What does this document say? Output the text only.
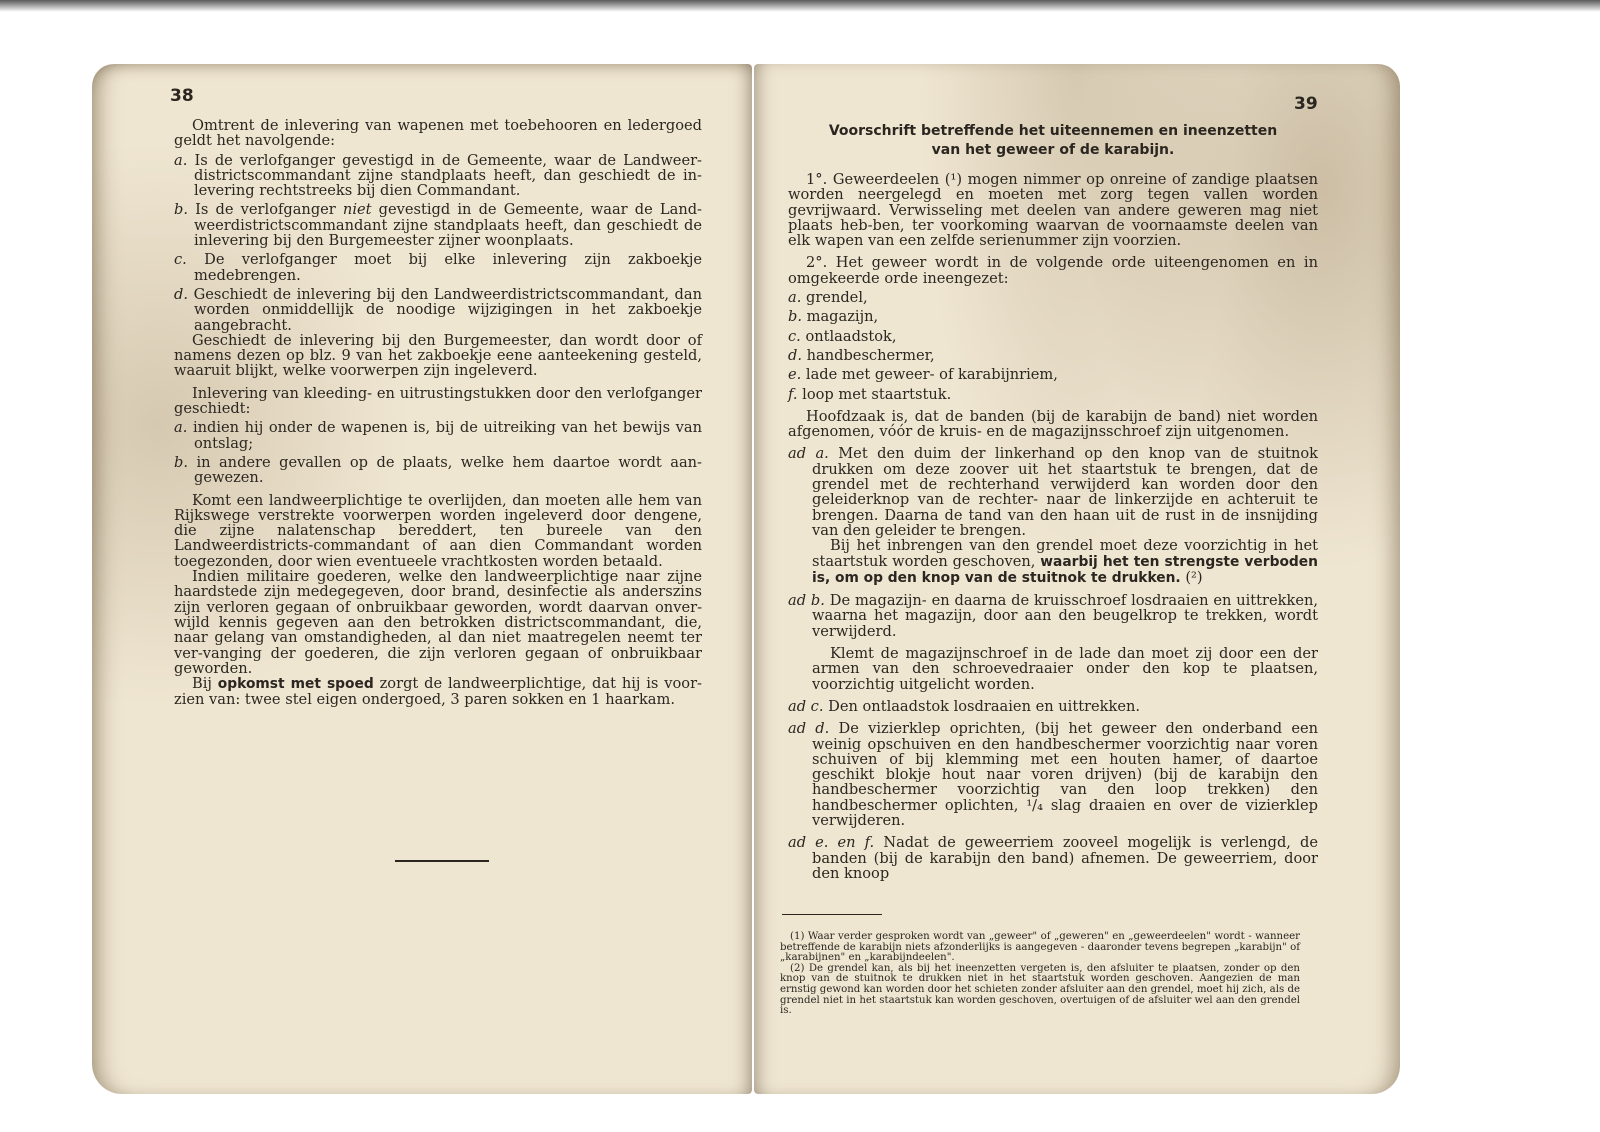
38

Omtrent de inlevering van wapenen met toebehooren en ledergoed geldt het navolgende:

a. Is de verlofganger gevestigd in de Gemeente, waar de Landweer-districtscommandant zijne standplaats heeft, dan geschiedt de in-levering rechtstreeks bij dien Commandant.

b. Is de verlofganger niet gevestigd in de Gemeente, waar de Land-weerdistrictscommandant zijne standplaats heeft, dan geschiedt de inlevering bij den Burgemeester zijner woonplaats.

c. De verlofganger moet bij elke inlevering zijn zakboekje medebrengen.

d. Geschiedt de inlevering bij den Landweerdistrictscommandant, dan worden onmiddellijk de noodige wijzigingen in het zakboekje aangebracht.

Geschiedt de inlevering bij den Burgemeester, dan wordt door of namens dezen op blz. 9 van het zakboekje eene aanteekening gesteld, waaruit blijkt, welke voorwerpen zijn ingeleverd.

Inlevering van kleeding- en uitrustingstukken door den verlofganger geschiedt:

a. indien hij onder de wapenen is, bij de uitreiking van het bewijs van ontslag;

b. in andere gevallen op de plaats, welke hem daartoe wordt aan-gewezen.

Komt een landweerplichtige te overlijden, dan moeten alle hem van Rijkswege verstrekte voorwerpen worden ingeleverd door dengene, die zijne nalatenschap bereddert, ten bureele van den Landweerdistricts-commandant of aan dien Commandant worden toegezonden, door wien eventueele vrachtkosten worden betaald.

Indien militaire goederen, welke den landweerplichtige naar zijne haardstede zijn medegegeven, door brand, desinfectie als anderszins zijn verloren gegaan of onbruikbaar geworden, wordt daarvan onver-wijld kennis gegeven aan den betrokken districtscommandant, die, naar gelang van omstandigheden, al dan niet maatregelen neemt ter ver-vanging der goederen, die zijn verloren gegaan of onbruikbaar geworden.

Bij opkomst met spoed zorgt de landweerplichtige, dat hij is voor-zien van: twee stel eigen ondergoed, 3 paren sokken en 1 haarkam.

39

Voorschrift betreffende het uiteennemen en ineenzetten

van het geweer of de karabijn.

1°. Geweerdeelen (¹) mogen nimmer op onreine of zandige plaatsen worden neergelegd en moeten met zorg tegen vallen worden gevrijwaard. Verwisseling met deelen van andere geweren mag niet plaats heb-ben, ter voorkoming waarvan de voornaamste deelen van elk wapen van een zelfde serienummer zijn voorzien.

2°. Het geweer wordt in de volgende orde uiteengenomen en in omgekeerde orde ineengezet:

a. grendel,

b. magazijn,

c. ontlaadstok,

d. handbeschermer,

e. lade met geweer- of karabijnriem,

f. loop met staartstuk.

Hoofdzaak is, dat de banden (bij de karabijn de band) niet worden afgenomen, vóór de kruis- en de magazijnsschroef zijn uitgenomen.

ad a. Met den duim der linkerhand op den knop van de stuitnok drukken om deze zoover uit het staartstuk te brengen, dat de grendel met de rechterhand verwijderd kan worden door den geleiderknop van de rechter- naar de linkerzijde en achteruit te brengen. Daarna de tand van den haan uit de rust in de insnijding van den geleider te brengen.

Bij het inbrengen van den grendel moet deze voorzichtig in het staartstuk worden geschoven, waarbij het ten strengste verboden is, om op den knop van de stuitnok te drukken. (²)

ad b. De magazijn- en daarna de kruisschroef losdraaien en uittrekken, waarna het magazijn, door aan den beugelkrop te trekken, wordt verwijderd.

Klemt de magazijnschroef in de lade dan moet zij door een der armen van den schroevedraaier onder den kop te plaatsen, voorzichtig uitgelicht worden.

ad c. Den ontlaadstok losdraaien en uittrekken.

ad d. De vizierklep oprichten, (bij het geweer den onderband een weinig opschuiven en den handbeschermer voorzichtig naar voren schuiven of bij klemming met een houten hamer, of daartoe geschikt blokje hout naar voren drijven) (bij de karabijn den handbeschermer voorzichtig van den loop trekken) den handbeschermer oplichten, ¹/₄ slag draaien en over de vizierklep verwijderen.

ad e. en f. Nadat de geweerriem zooveel mogelijk is verlengd, de banden (bij de karabijn den band) afnemen. De geweerriem, door den knoop

(1) Waar verder gesproken wordt van „geweer" of „geweren" en „geweerdeelen" wordt - wanneer betreffende de karabijn niets afzonderlijks is aangegeven - daaronder tevens begrepen „karabijn" of „karabijnen" en „karabijndeelen".

(2) De grendel kan, als bij het ineenzetten vergeten is, den afsluiter te plaatsen, zonder op den knop van de stuitnok te drukken niet in het staartstuk worden geschoven. Aangezien de man ernstig gewond kan worden door het schieten zonder afsluiter aan den grendel, moet hij zich, als de grendel niet in het staartstuk kan worden geschoven, overtuigen of de afsluiter wel aan den grendel is.
